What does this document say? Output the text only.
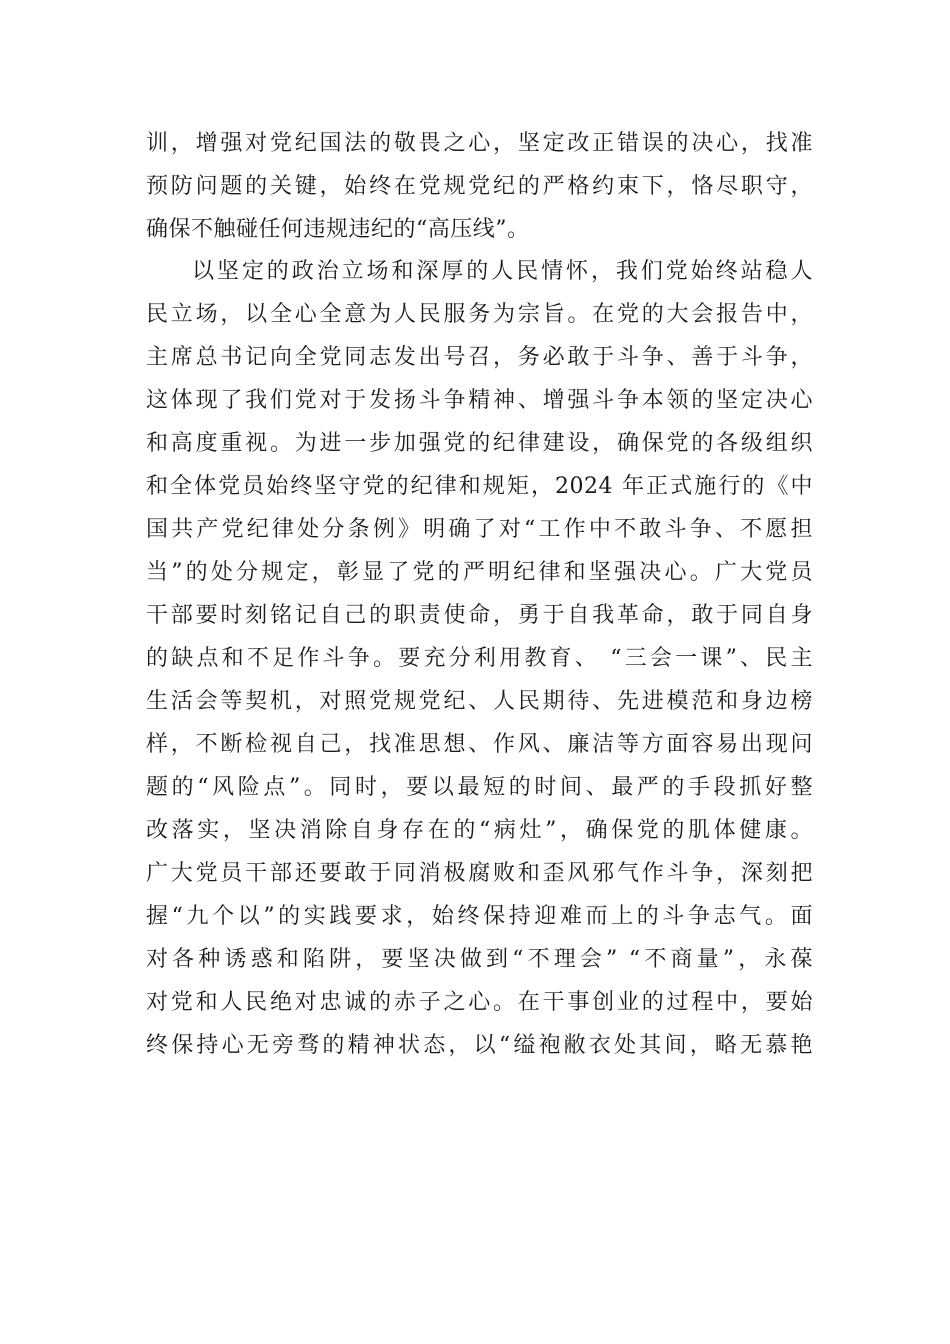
训，增强对党纪国法的敬畏之心，坚定改正错误的决心，找准
预防问题的关键，始终在党规党纪的严格约束下，恪尽职守，
确保不触碰任何违规违纪的“高压线”。
以坚定的政治立场和深厚的人民情怀，我们党始终站稳人
民立场，以全心全意为人民服务为宗旨。在党的大会报告中，
主席总书记向全党同志发出号召，务必敢于斗争、善于斗争，
这体现了我们党对于发扬斗争精神、增强斗争本领的坚定决心
和高度重视。为进一步加强党的纪律建设，确保党的各级组织
和全体党员始终坚守党的纪律和规矩，2024 年正式施行的《中
国共产党纪律处分条例》明确了对“工作中不敢斗争、不愿担
当”的处分规定，彰显了党的严明纪律和坚强决心。广大党员
干部要时刻铭记自己的职责使命，勇于自我革命，敢于同自身
的缺点和不足作斗争。要充分利用教育、 “三会一课”、民主
生活会等契机，对照党规党纪、人民期待、先进模范和身边榜
样，不断检视自己，找准思想、作风、廉洁等方面容易出现问
题的“风险点”。同时，要以最短的时间、最严的手段抓好整
改落实，坚决消除自身存在的“病灶”，确保党的肌体健康。
广大党员干部还要敢于同消极腐败和歪风邪气作斗争，深刻把
握“九个以”的实践要求，始终保持迎难而上的斗争志气。面
对各种诱惑和陷阱，要坚决做到“不理会” “不商量”，永葆
对党和人民绝对忠诚的赤子之心。在干事创业的过程中，要始
终保持心无旁骛的精神状态，以“缢袍敝衣处其间，略无慕艳
